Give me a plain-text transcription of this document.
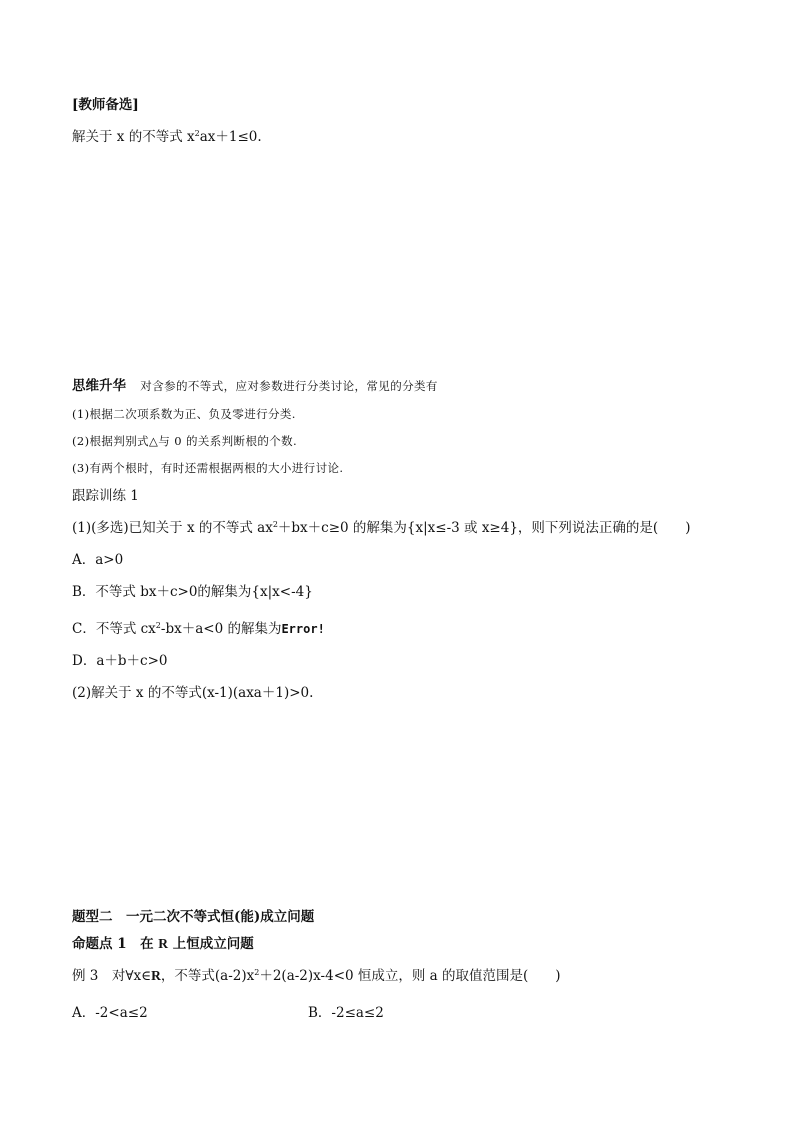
[教师备选]
解关于 x 的不等式 $x^2ax+1\le 0$.
思维升华 对含参的不等式，应对参数进行分类讨论，常见的分类有
(1)根据二次项系数为正、负及零进行分类.
(2)根据判别式△与 0 的关系判断根的个数.
(3)有两个根时，有时还需根据两根的大小进行讨论.
跟踪训练 1
(1)(多选)已知关于 x 的不等式 $ax^2+bx+c\ge 0$ 的解集为{x|x≤-3 或 x≥4}，则下列说法正确的是(　　)
A．a>0
B．不等式 bx＋c>0的解集为{x|x<-4}
C．不等式 $cx^2-bx+a<0$ 的解集为Error!
D．a＋b＋c>0
(2)解关于 x 的不等式(x-1)(axa＋1)>0.
题型二　一元二次不等式恒(能)成立问题
命题点 1　在 R 上恒成立问题
例 3　对∀x∈R，不等式$(a-2)x^2+2(a-2)x-4<0$ 恒成立，则 a 的取值范围是(　　)
A．-2<a≤2	B．-2≤a≤2
